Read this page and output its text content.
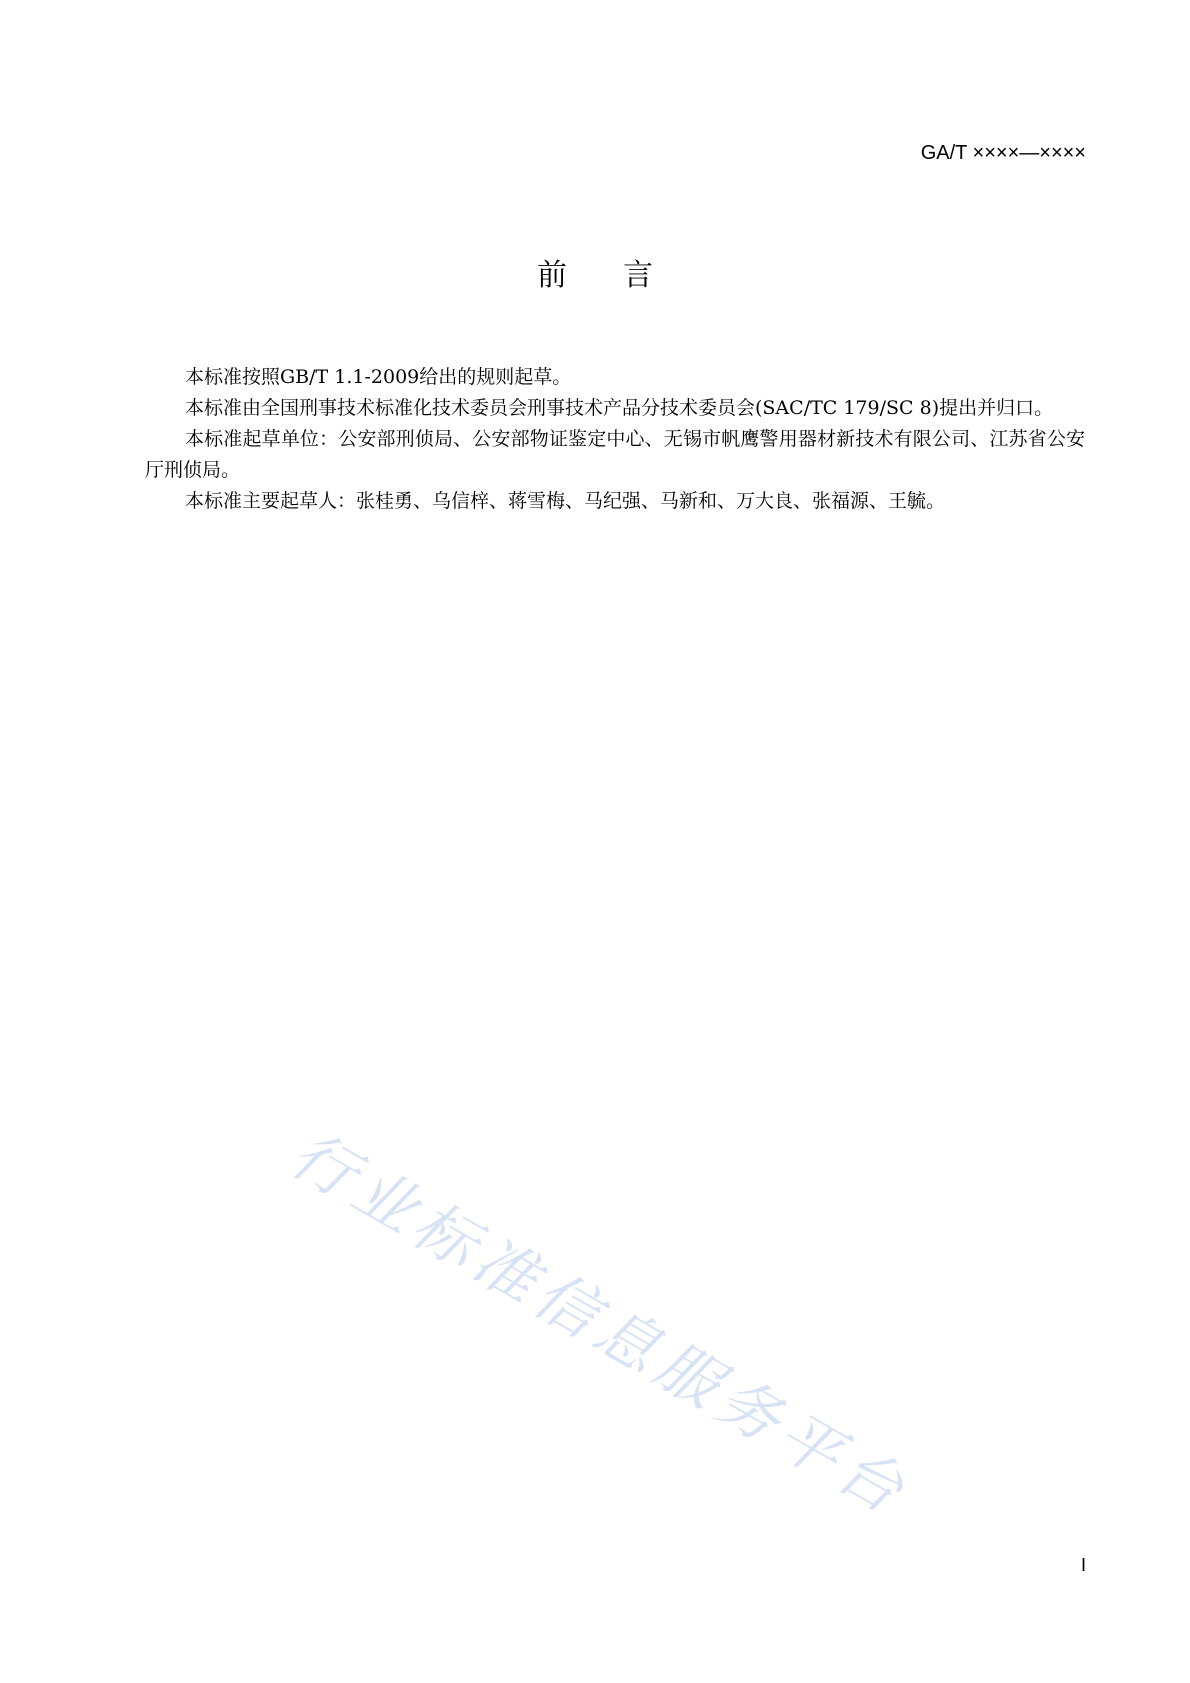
GA/T ××××—××××
前言

本标准按照GB/T 1.1-2009给出的规则起草。

本标准由全国刑事技术标准化技术委员会刑事技术产品分技术委员会(SAC/TC 179/SC 8)提出并归口。

本标准起草单位：公安部刑侦局、公安部物证鉴定中心、无锡市帆鹰警用器材新技术有限公司、江苏省公安厅刑侦局。

本标准主要起草人：张桂勇、乌信梓、蒋雪梅、马纪强、马新和、万大良、张福源、王毓。

行业标准信息服务平台
I
